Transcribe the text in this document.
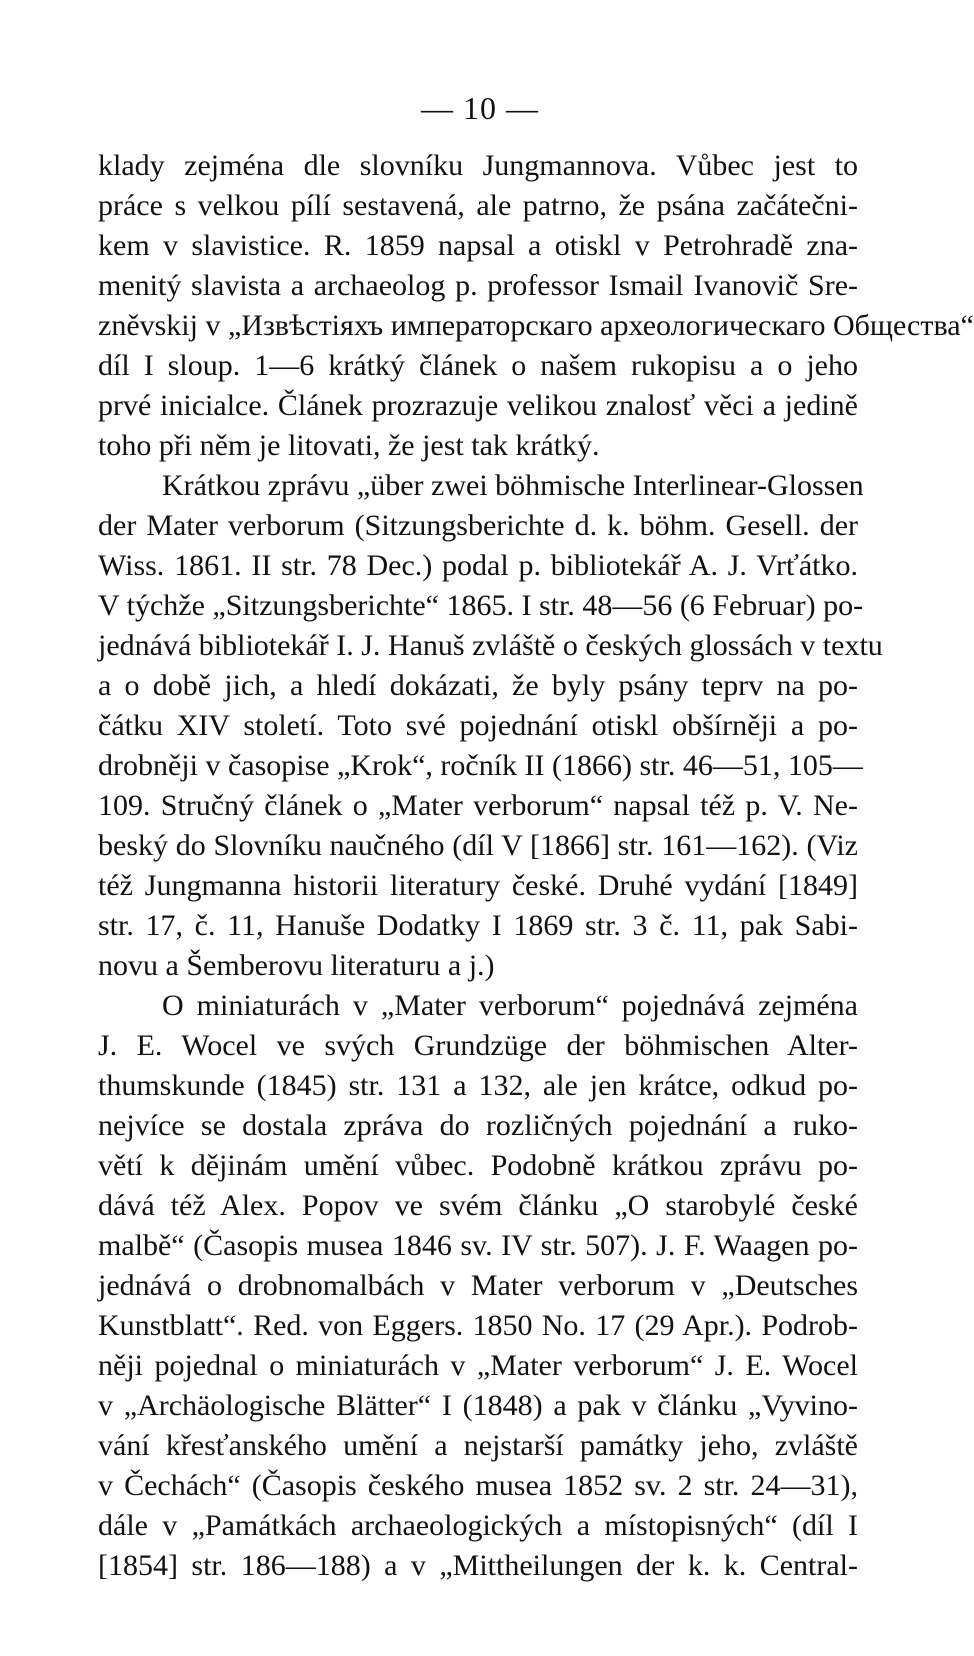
— 10 —
klady zejména dle slovníku Jungmannova. Vůbec jest to
práce s velkou pílí sestavená, ale patrno, že psána začátečni-
kem v slavistice. R. 1859 napsal a otiskl v Petrohradě zna-
menitý slavista a archaeolog p. professor Ismail Ivanovič Sre-
zněvskij v „Извѣстіяхъ императорскаго археологическаго Общества“
díl I sloup. 1—6 krátký článek o našem rukopisu a o jeho
prvé inicialce. Článek prozrazuje velikou znalosť věci a jedině
toho při něm je litovati, že jest tak krátký.
Krátkou zprávu „über zwei böhmische Interlinear-Glossen
der Mater verborum (Sitzungsberichte d. k. böhm. Gesell. der
Wiss. 1861. II str. 78 Dec.) podal p. bibliotekář A. J. Vrťátko.
V týchže „Sitzungsberichte“ 1865. I str. 48—56 (6 Februar) po-
jednává bibliotekář I. J. Hanuš zvláště o českých glossách v textu
a o době jich, a hledí dokázati, že byly psány teprv na po-
čátku XIV století. Toto své pojednání otiskl obšírněji a po-
drobněji v časopise „Krok“, ročník II (1866) str. 46—51, 105—
109. Stručný článek o „Mater verborum“ napsal též p. V. Ne-
beský do Slovníku naučného (díl V [1866] str. 161—162). (Viz
též Jungmanna historii literatury české. Druhé vydání [1849]
str. 17, č. 11, Hanuše Dodatky I 1869 str. 3 č. 11, pak Sabi-
novu a Šemberovu literaturu a j.)
O miniaturách v „Mater verborum“ pojednává zejména
J. E. Wocel ve svých Grundzüge der böhmischen Alter-
thumskunde (1845) str. 131 a 132, ale jen krátce, odkud po-
nejvíce se dostala zpráva do rozličných pojednání a ruko-
větí k dějinám umění vůbec. Podobně krátkou zprávu po-
dává též Alex. Popov ve svém článku „O starobylé české
malbě“ (Časopis musea 1846 sv. IV str. 507). J. F. Waagen po-
jednává o drobnomalbách v Mater verborum v „Deutsches
Kunstblatt“. Red. von Eggers. 1850 No. 17 (29 Apr.). Podrob-
něji pojednal o miniaturách v „Mater verborum“ J. E. Wocel
v „Archäologische Blätter“ I (1848) a pak v článku „Vyvino-
vání křesťanského umění a nejstarší památky jeho, zvláště
v Čechách“ (Časopis českého musea 1852 sv. 2 str. 24—31),
dále v „Památkách archaeologických a místopisných“ (díl I
[1854] str. 186—188) a v „Mittheilungen der k. k. Central-
